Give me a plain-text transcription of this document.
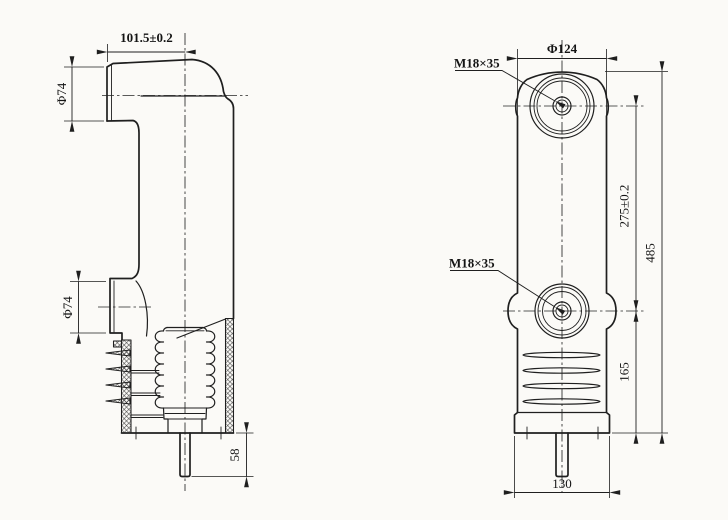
101.5±0.2
Φ74
Φ74
58
Φ124
M18×35
M18×35
275±0.2
165
485
130
